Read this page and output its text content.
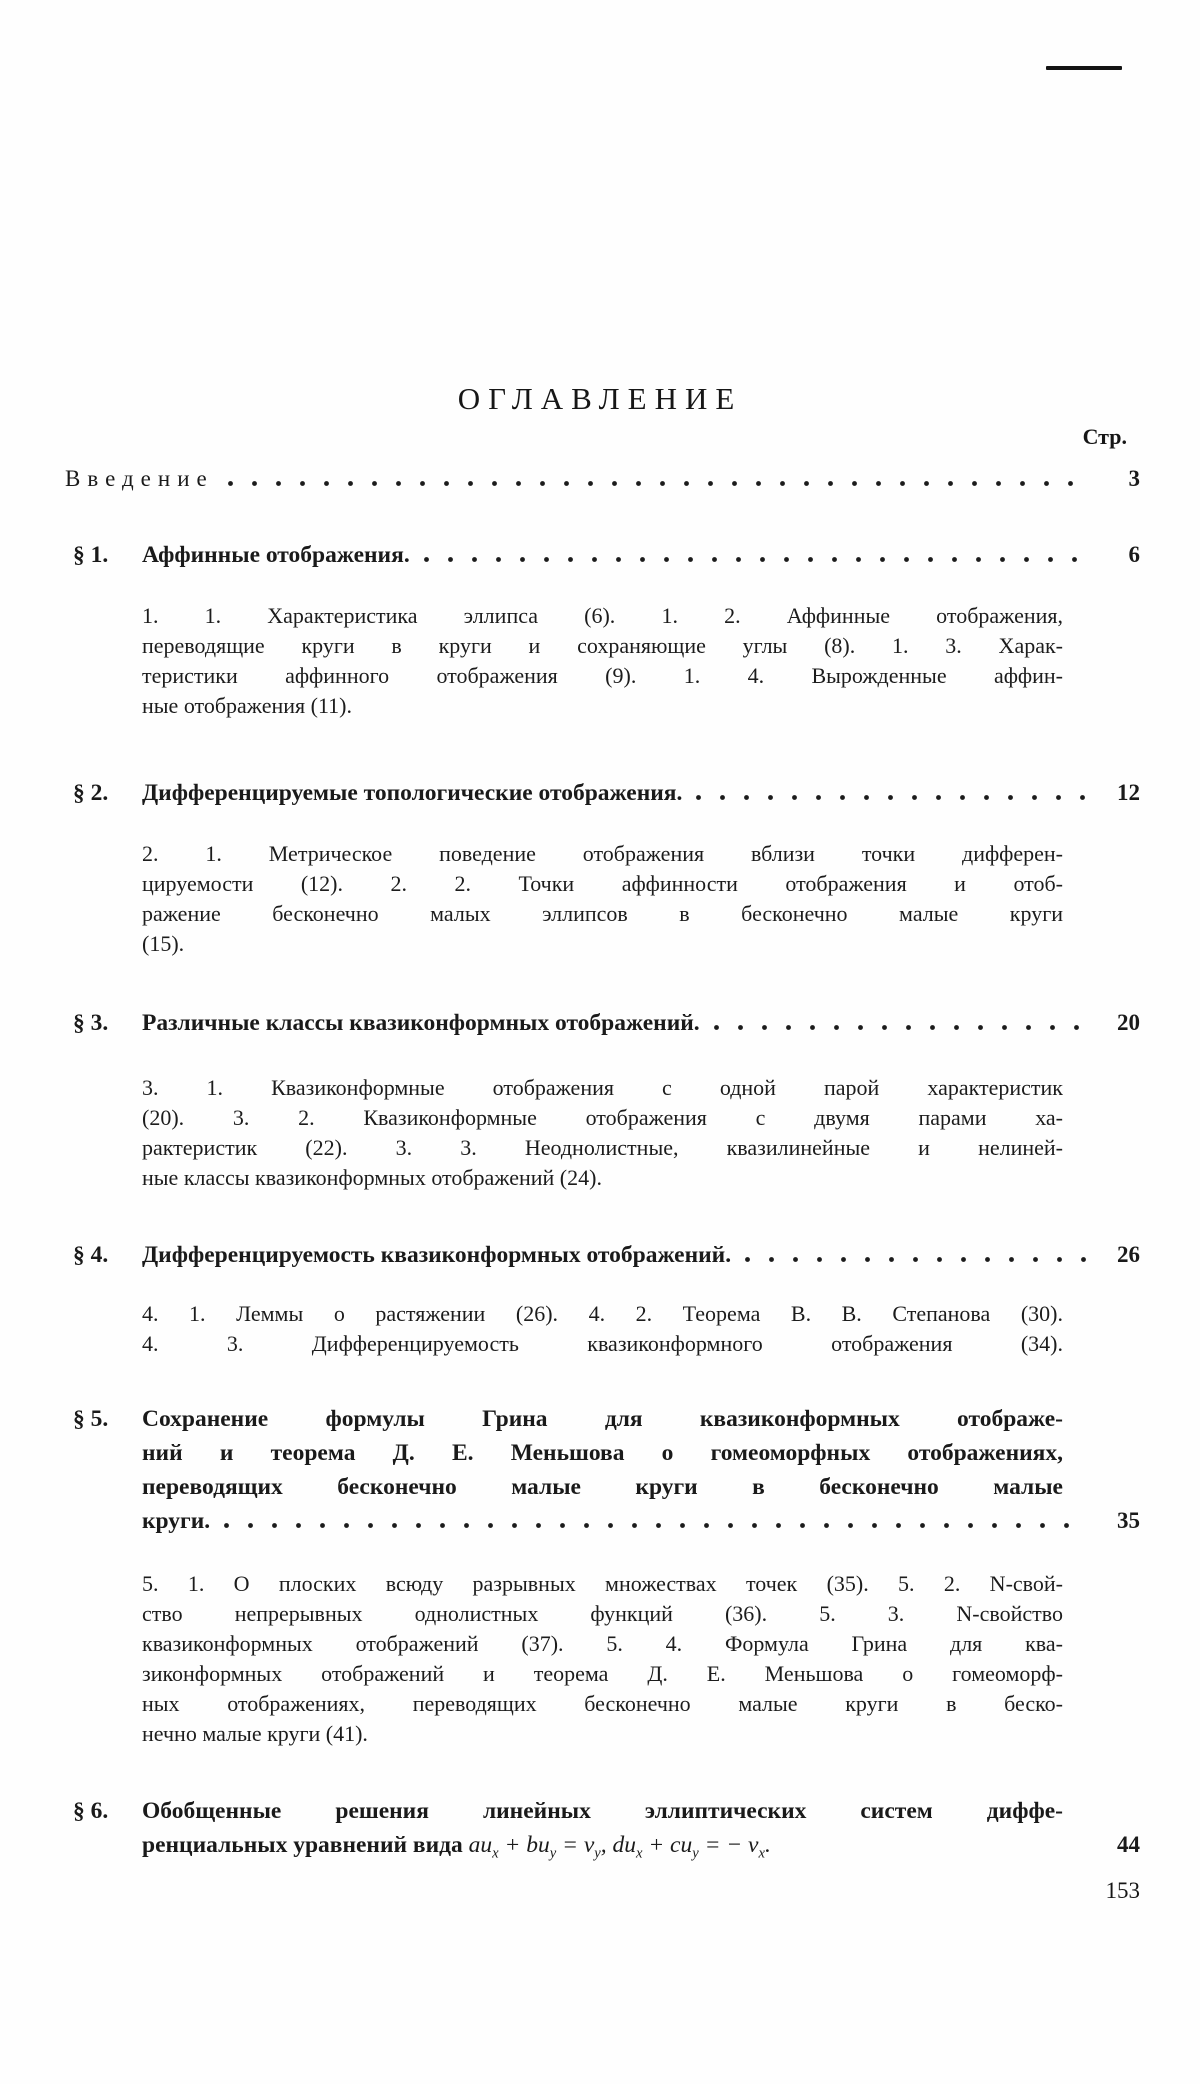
ОГЛАВЛЕНИЕ
Стр.
Введение	3
§ 1.	Аффинные отображения.	6
1. 1. Характеристика эллипса (6). 1. 2. Аффинные отображения,
переводящие круги в круги и сохраняющие углы (8). 1. 3. Харак-
теристики аффинного отображения (9). 1. 4. Вырожденные аффин-
ные отображения (11).
§ 2.	Дифференцируемые топологические отображения.	12
2. 1. Метрическое поведение отображения вблизи точки дифферен-
цируемости (12). 2. 2. Точки аффинности отображения и отоб-
ражение бесконечно малых эллипсов в бесконечно малые круги
(15).
§ 3.	Различные классы квазиконформных отображений.	20
3. 1. Квазиконформные отображения с одной парой характеристик
(20). 3. 2. Квазиконформные отображения с двумя парами ха-
рактеристик (22). 3. 3. Неоднолистные, квазилинейные и нелиней-
ные классы квазиконформных отображений (24).
§ 4.	Дифференцируемость квазиконформных отображений.	26
4. 1. Леммы о растяжении (26). 4. 2. Теорема В. В. Степанова (30).
4. 3. Дифференцируемость квазиконформного отображения (34).
§ 5.	Сохранение формулы Грина для квазиконформных отображе-
ний и теорема Д. Е. Меньшова о гомеоморфных отображениях,
переводящих бесконечно малые круги в бесконечно малые
круги.	35
5. 1. О плоских всюду разрывных множествах точек (35). 5. 2. N-свой-
ство непрерывных однолистных функций (36). 5. 3. N-свойство
квазиконформных отображений (37). 5. 4. Формула Грина для ква-
зиконформных отображений и теорема Д. Е. Меньшова о гомеоморф-
ных отображениях, переводящих бесконечно малые круги в беско-
нечно малые круги (41).
§ 6.	Обобщенные решения линейных эллиптических систем диффе-
ренциальных уравнений вида $au_x + bu_y = v_y$, $du_x + cu_y$ = − $v_x$.	44
153
